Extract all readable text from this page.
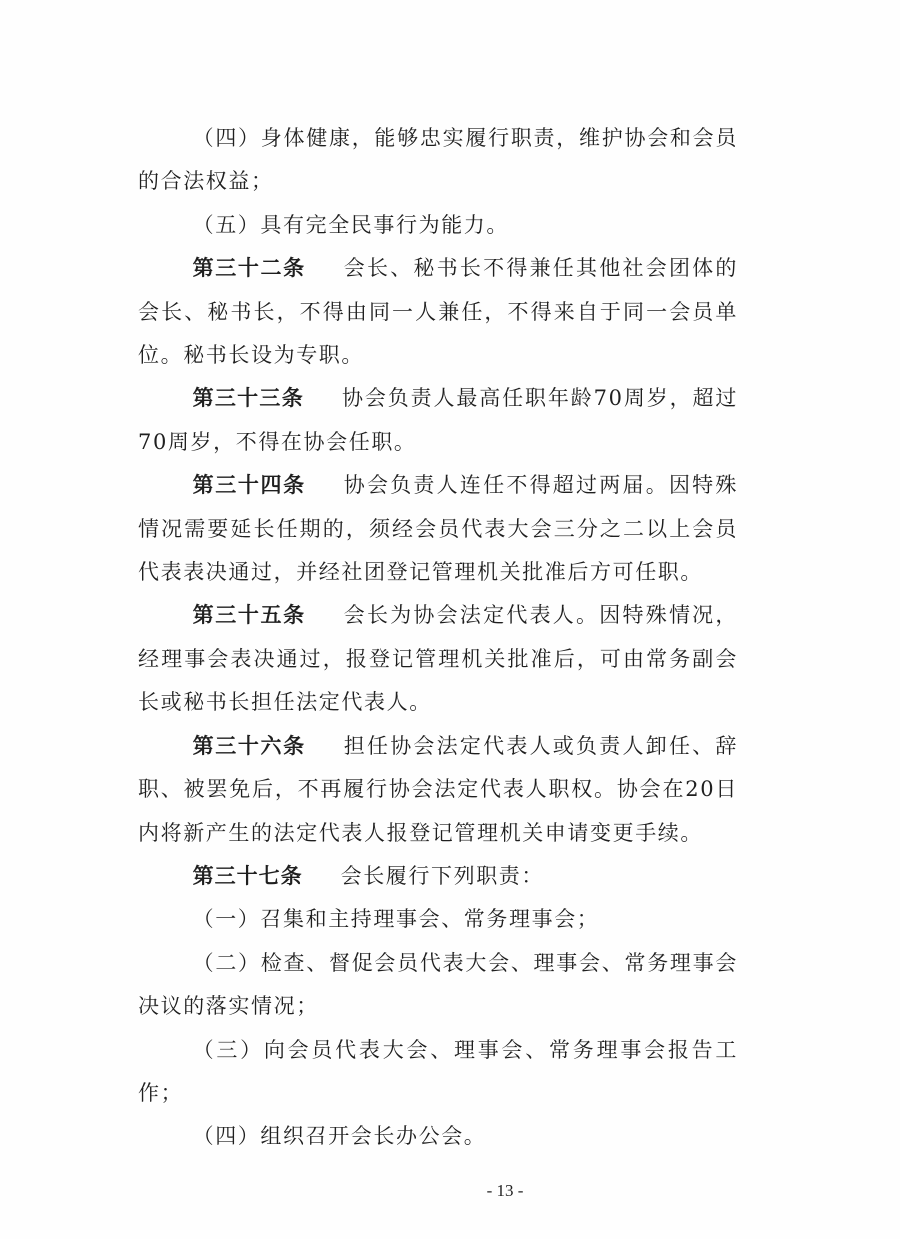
（四）身体健康，能够忠实履行职责，维护协会和会员的合法权益；

（五）具有完全民事行为能力。

第三十二条 会长、秘书长不得兼任其他社会团体的会长、秘书长，不得由同一人兼任，不得来自于同一会员单位。秘书长设为专职。

第三十三条 协会负责人最高任职年龄70周岁，超过70周岁，不得在协会任职。

第三十四条 协会负责人连任不得超过两届。因特殊情况需要延长任期的，须经会员代表大会三分之二以上会员代表表决通过，并经社团登记管理机关批准后方可任职。

第三十五条 会长为协会法定代表人。因特殊情况，经理事会表决通过，报登记管理机关批准后，可由常务副会长或秘书长担任法定代表人。

第三十六条 担任协会法定代表人或负责人卸任、辞职、被罢免后，不再履行协会法定代表人职权。协会在20日内将新产生的法定代表人报登记管理机关申请变更手续。

第三十七条 会长履行下列职责：

（一）召集和主持理事会、常务理事会；

（二）检查、督促会员代表大会、理事会、常务理事会决议的落实情况；

（三）向会员代表大会、理事会、常务理事会报告工作；

（四）组织召开会长办公会。

- 13 -
